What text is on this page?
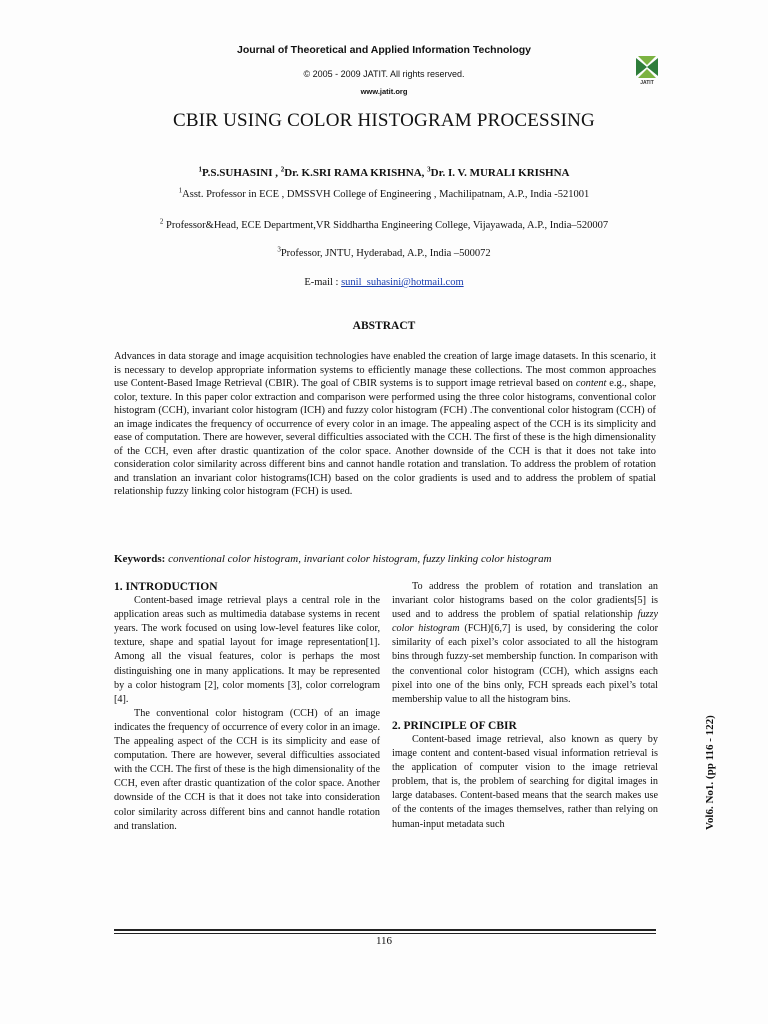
Journal of Theoretical and Applied Information Technology
© 2005 - 2009 JATIT. All rights reserved.
www.jatit.org
JATIT
CBIR USING COLOR HISTOGRAM PROCESSING
$^1$P.S.SUHASINI , $^2$Dr. K.SRI RAMA KRISHNA, $^3$Dr. I. V. MURALI KRISHNA
$^1$Asst. Professor in ECE , DMSSVH College of Engineering , Machilipatnam, A.P., India -521001
$^2$ Professor&Head, ECE Department,VR Siddhartha Engineering College, Vijayawada, A.P., India–520007
$^3$Professor, JNTU, Hyderabad, A.P., India –500072
E-mail : sunil_suhasini@hotmail.com
ABSTRACT

Advances in data storage and image acquisition technologies have enabled the creation of large image datasets. In this scenario, it is necessary to develop appropriate information systems to efficiently manage these collections. The most common approaches use Content-Based Image Retrieval (CBIR). The goal of CBIR systems is to support image retrieval based on content e.g., shape, color, texture. In this paper color extraction and comparison were performed using the three color histograms, conventional color histogram (CCH), invariant color histogram (ICH) and fuzzy color histogram (FCH) .The conventional color histogram (CCH) of an image indicates the frequency of occurrence of every color in an image. The appealing aspect of the CCH is its simplicity and ease of computation. There are however, several difficulties associated with the CCH. The first of these is the high dimensionality of the CCH, even after drastic quantization of the color space. Another downside of the CCH is that it does not take into consideration color similarity across different bins and cannot handle rotation and translation. To address the problem of rotation and translation an invariant color histograms(ICH) based on the color gradients is used and to address the problem of spatial relationship fuzzy linking color histogram (FCH) is used.

Keywords: conventional color histogram, invariant color histogram, fuzzy linking color histogram

1. INTRODUCTION

Content-based image retrieval plays a central role in the application areas such as multimedia database systems in recent years. The work focused on using low-level features like color, texture, shape and spatial layout for image representation[1]. Among all the visual features, color is perhaps the most distinguishing one in many applications. It may be represented by a color histogram [2], color moments [3], color correlogram [4].

The conventional color histogram (CCH) of an image indicates the frequency of occurrence of every color in an image. The appealing aspect of the CCH is its simplicity and ease of computation. There are however, several difficulties associated with the CCH. The first of these is the high dimensionality of the CCH, even after drastic quantization of the color space. Another downside of the CCH is that it does not take into consideration color similarity across different bins and cannot handle rotation and translation.

To address the problem of rotation and translation an invariant color histograms based on the color gradients[5] is used and to address the problem of spatial relationship fuzzy color histogram (FCH)[6,7] is used, by considering the color similarity of each pixel’s color associated to all the histogram bins through fuzzy-set membership function. In comparison with the conventional color histogram (CCH), which assigns each pixel into one of the bins only, FCH spreads each pixel’s total membership value to all the histogram bins.

2. PRINCIPLE OF CBIR

Content-based image retrieval, also known as query by image content and content-based visual information retrieval is the application of computer vision to the image retrieval problem, that is, the problem of searching for digital images in large databases. Content-based means that the search makes use of the contents of the images themselves, rather than relying on human-input metadata such

116
Vol6. No1. (pp 116 - 122)
